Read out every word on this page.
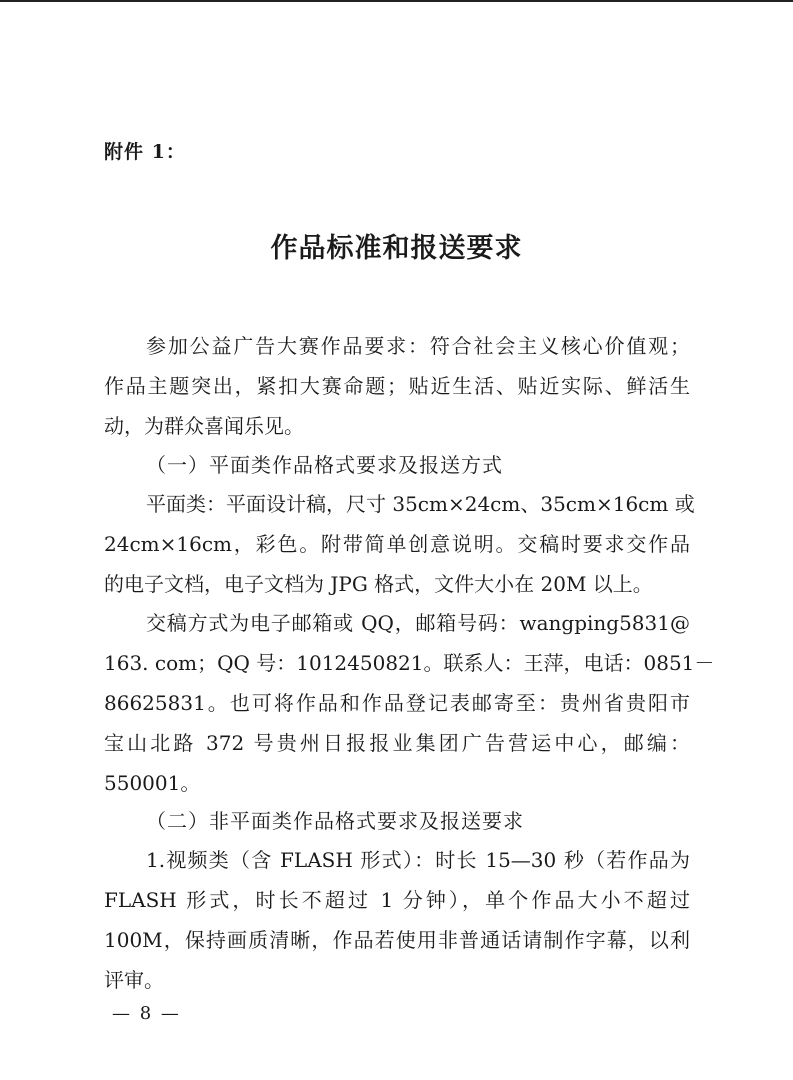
附件 1：
作品标准和报送要求
参加公益广告大赛作品要求：符合社会主义核心价值观；
作品主题突出，紧扣大赛命题；贴近生活、贴近实际、鲜活生
动，为群众喜闻乐见。
（一）平面类作品格式要求及报送方式
平面类：平面设计稿，尺寸 35cm×24cm、35cm×16cm 或
24cm×16cm，彩色。附带简单创意说明。交稿时要求交作品
的电子文档，电子文档为 JPG 格式，文件大小在 20M 以上。
交稿方式为电子邮箱或 QQ，邮箱号码：wangping5831@
163. com；QQ 号：1012450821。联系人：王萍，电话：0851－
86625831。也可将作品和作品登记表邮寄至：贵州省贵阳市
宝山北路 372 号贵州日报报业集团广告营运中心，邮编：
550001。
（二）非平面类作品格式要求及报送要求
1.视频类（含 FLASH 形式）：时长 15—30 秒（若作品为
FLASH 形式，时长不超过 1 分钟），单个作品大小不超过
100M，保持画质清晰，作品若使用非普通话请制作字幕，以利
评审。
— 8 —
